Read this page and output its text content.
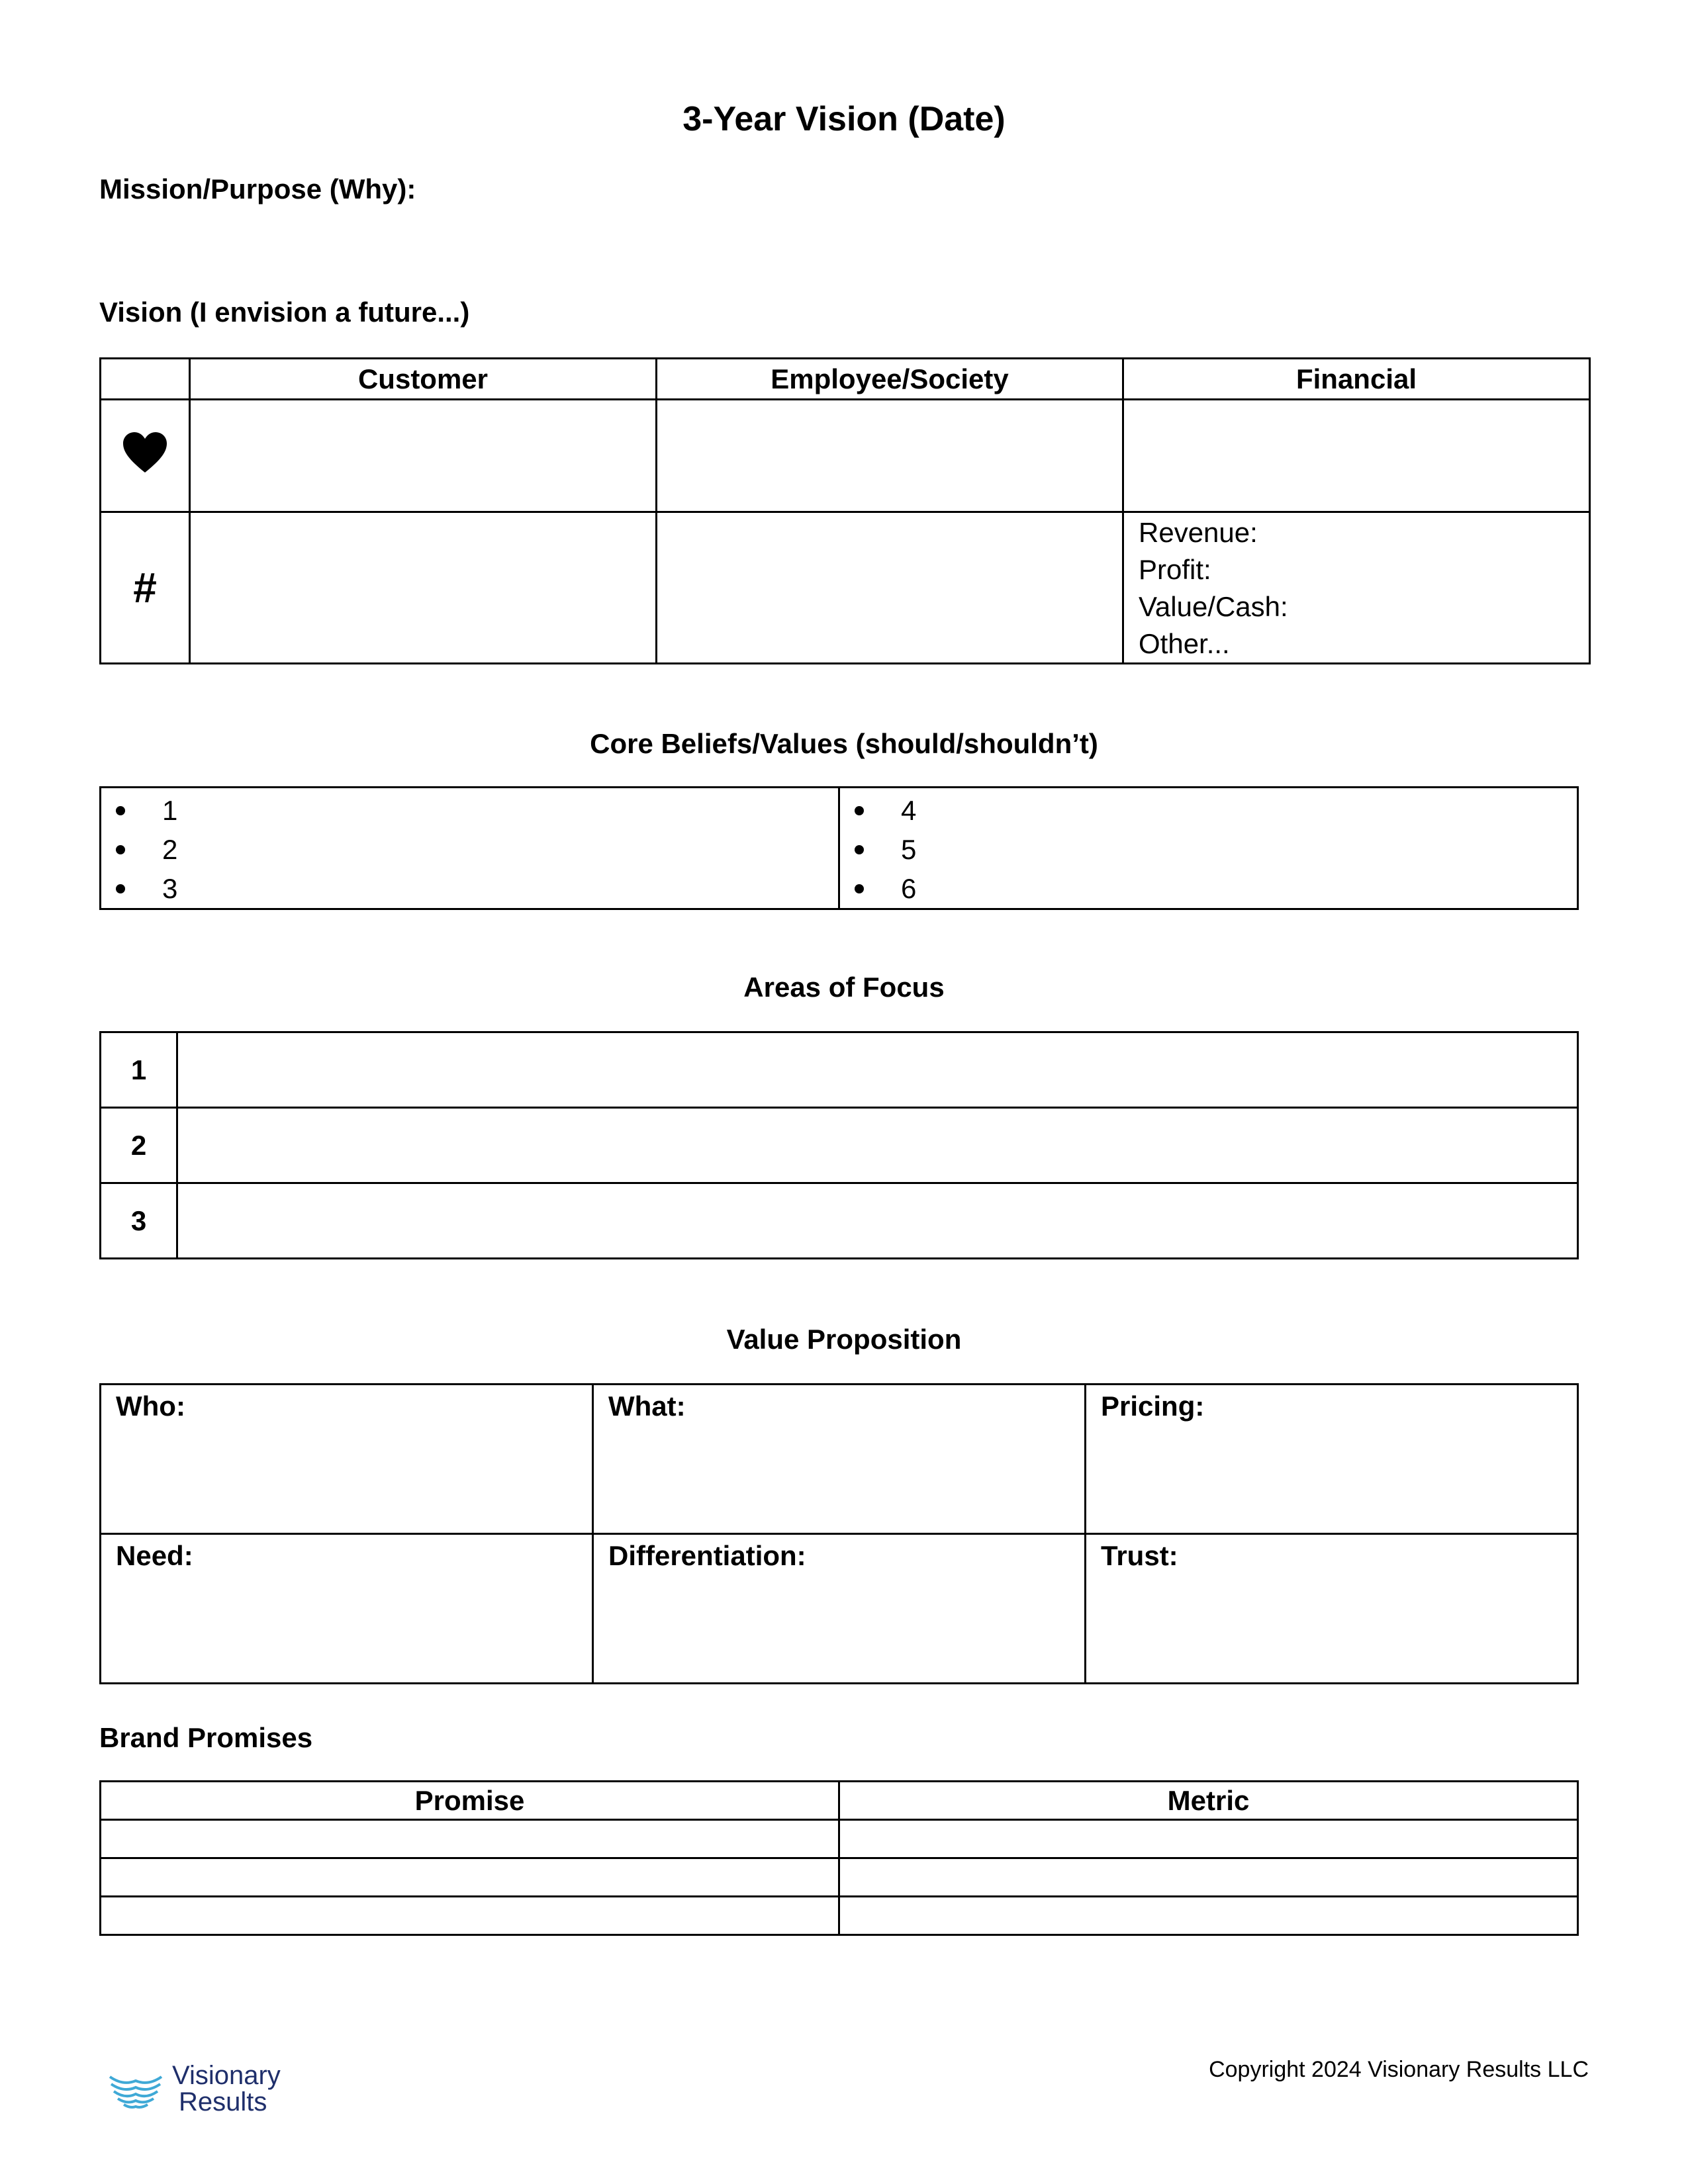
3-Year Vision (Date)
Mission/Purpose (Why):
Vision (I envision a future...)
	Customer	Employee/Society	Financial

#			Revenue:
Profit:
Value/Cash:
Other...
Core Beliefs/Values (should/shouldn’t)
1
2
3

4
5
6
Areas of Focus
1	
2	
3	
Value Proposition
Who:	What:	Pricing:
Need:	Differentiation:	Trust:
Brand Promises
Promise	Metric

Visionary
Results
Copyright 2024 Visionary Results LLC
